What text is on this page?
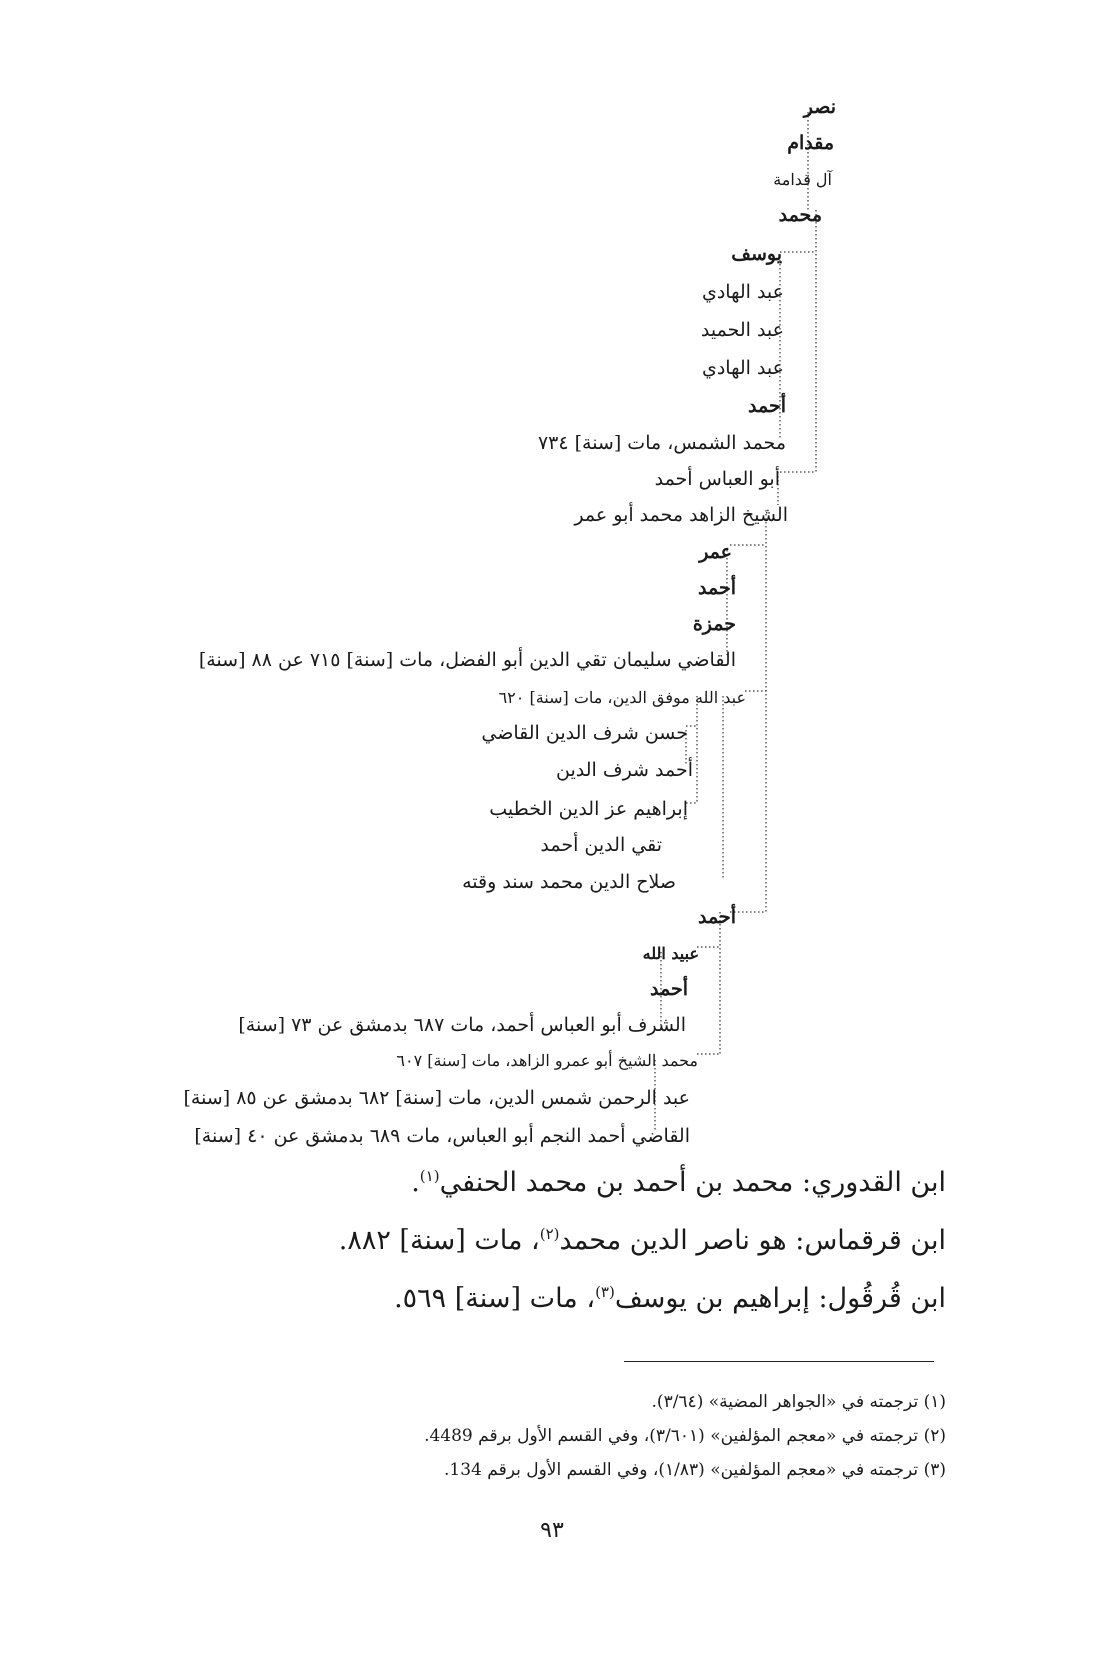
نصر
مقدام
آل قدامة
محمد
يوسف
عبد الهادي
عبد الحميد
عبد الهادي
أحمد
محمد الشمس، مات [سنة] ٧٣٤
أبو العباس أحمد
الشيخ الزاهد محمد أبو عمر
عمر
أحمد
حمزة
القاضي سليمان تقي الدين أبو الفضل، مات [سنة] ٧١٥ عن ٨٨ [سنة]
عبد الله موفق الدين، مات [سنة] ٦٢٠
حسن شرف الدين القاضي
أحمد شرف الدين
إبراهيم عز الدين الخطيب
تقي الدين أحمد
صلاح الدين محمد سند وقته
أحمد
عبيد الله
أحمد
الشرف أبو العباس أحمد، مات ٦٨٧ بدمشق عن ٧٣ [سنة]
محمد الشيخ أبو عمرو الزاهد، مات [سنة] ٦٠٧
عبد الرحمن شمس الدين، مات [سنة] ٦٨٢ بدمشق عن ٨٥ [سنة]
القاضي أحمد النجم أبو العباس، مات ٦٨٩ بدمشق عن ٤٠ [سنة]
ابن القدوري: محمد بن أحمد بن محمد الحنفي$^{(١)}$.
ابن قرقماس: هو ناصر الدين محمد$^{(٢)}$، مات [سنة] ٨٨٢.
ابن قُرقُول: إبراهيم بن يوسف$^{(٣)}$، مات [سنة] ٥٦٩.
(١) ترجمته في «الجواهر المضية» (٣/٦٤).
(٢) ترجمته في «معجم المؤلفين» (٣/٦٠١)، وفي القسم الأول برقم 4489.
(٣) ترجمته في «معجم المؤلفين» (١/٨٣)، وفي القسم الأول برقم 134.
٩٣
